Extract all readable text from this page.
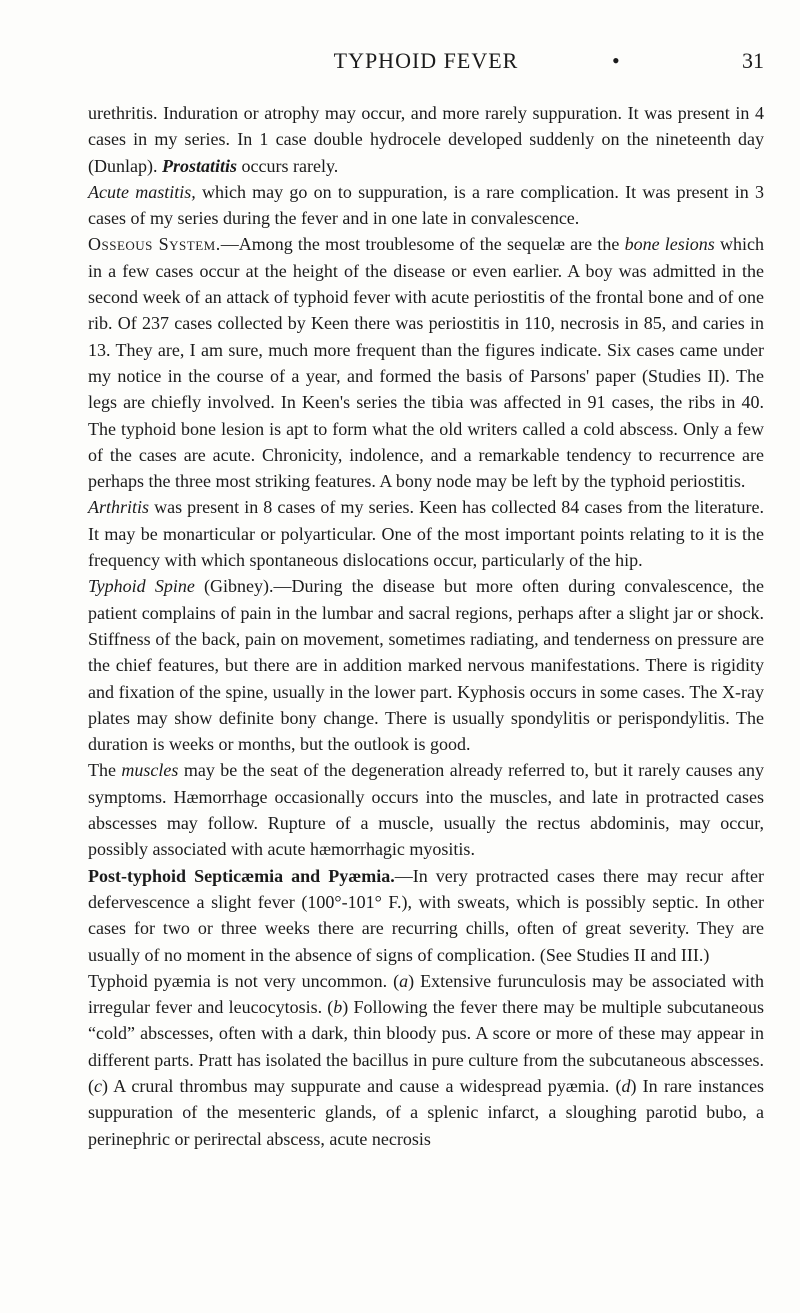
TYPHOID FEVER	•	31

urethritis. Induration or atrophy may occur, and more rarely suppuration. It was present in 4 cases in my series. In 1 case double hydrocele developed suddenly on the nineteenth day (Dunlap). Prostatitis occurs rarely.

Acute mastitis, which may go on to suppuration, is a rare complication. It was present in 3 cases of my series during the fever and in one late in convalescence.

Osseous System.—Among the most troublesome of the sequelæ are the bone lesions which in a few cases occur at the height of the disease or even earlier. A boy was admitted in the second week of an attack of typhoid fever with acute periostitis of the frontal bone and of one rib. Of 237 cases collected by Keen there was periostitis in 110, necrosis in 85, and caries in 13. They are, I am sure, much more frequent than the figures indicate. Six cases came under my notice in the course of a year, and formed the basis of Parsons' paper (Studies II). The legs are chiefly involved. In Keen's series the tibia was affected in 91 cases, the ribs in 40. The typhoid bone lesion is apt to form what the old writers called a cold abscess. Only a few of the cases are acute. Chronicity, indolence, and a remarkable tendency to recurrence are perhaps the three most striking features. A bony node may be left by the typhoid periostitis.

Arthritis was present in 8 cases of my series. Keen has collected 84 cases from the literature. It may be monarticular or polyarticular. One of the most important points relating to it is the frequency with which spontaneous dislocations occur, particularly of the hip.

Typhoid Spine (Gibney).—During the disease but more often during convalescence, the patient complains of pain in the lumbar and sacral regions, perhaps after a slight jar or shock. Stiffness of the back, pain on movement, sometimes radiating, and tenderness on pressure are the chief features, but there are in addition marked nervous manifestations. There is rigidity and fixation of the spine, usually in the lower part. Kyphosis occurs in some cases. The X-ray plates may show definite bony change. There is usually spondylitis or perispondylitis. The duration is weeks or months, but the outlook is good.

The muscles may be the seat of the degeneration already referred to, but it rarely causes any symptoms. Hæmorrhage occasionally occurs into the muscles, and late in protracted cases abscesses may follow. Rupture of a muscle, usually the rectus abdominis, may occur, possibly associated with acute hæmorrhagic myositis.

Post-typhoid Septicæmia and Pyæmia.—In very protracted cases there may recur after defervescence a slight fever (100°-101° F.), with sweats, which is possibly septic. In other cases for two or three weeks there are recurring chills, often of great severity. They are usually of no moment in the absence of signs of complication. (See Studies II and III.)

Typhoid pyæmia is not very uncommon. (a) Extensive furunculosis may be associated with irregular fever and leucocytosis. (b) Following the fever there may be multiple subcutaneous “cold” abscesses, often with a dark, thin bloody pus. A score or more of these may appear in different parts. Pratt has isolated the bacillus in pure culture from the subcutaneous abscesses. (c) A crural thrombus may suppurate and cause a widespread pyæmia. (d) In rare instances suppuration of the mesenteric glands, of a splenic infarct, a sloughing parotid bubo, a perinephric or perirectal abscess, acute necrosis
